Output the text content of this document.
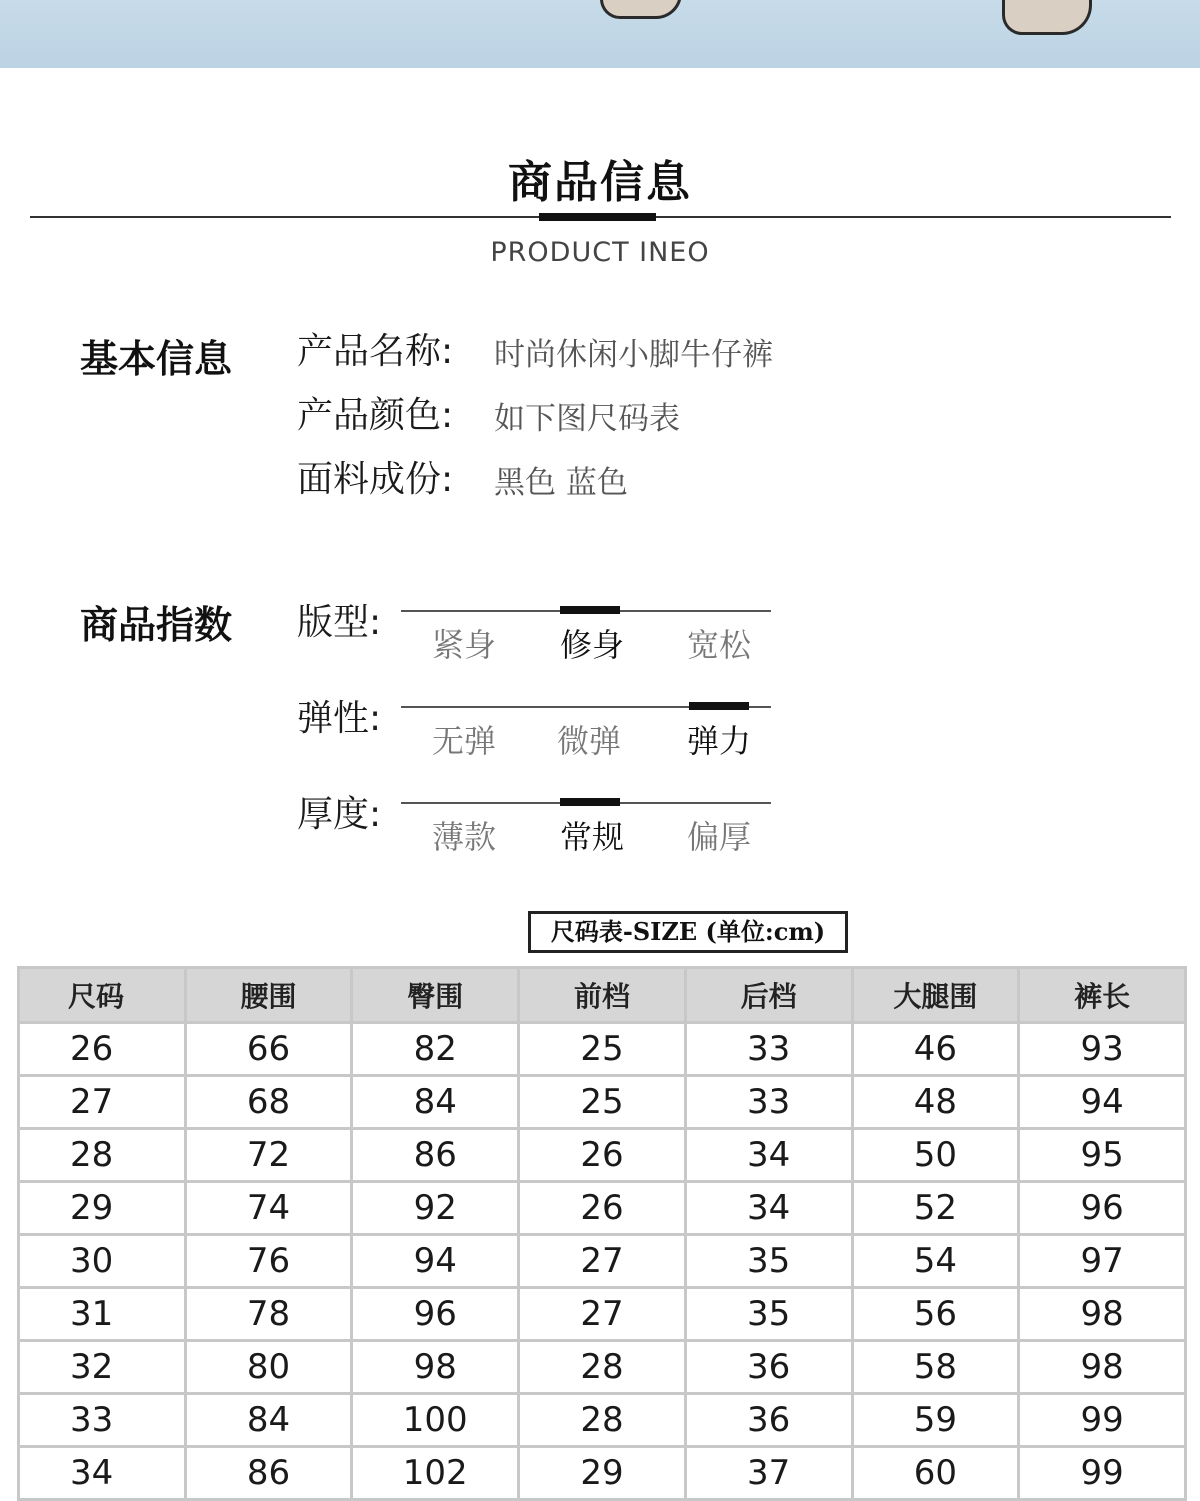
商品信息
PRODUCT INEO
基本信息 产品名称: 时尚休闲小脚牛仔裤
产品颜色: 如下图尺码表
面料成份: 黑色 蓝色
商品指数 版型:
紧身 修身 宽松
弹性:
无弹 微弹 弹力
厚度:
薄款 常规 偏厚
尺码表-SIZE (单位:cm)
尺码	腰围	臀围	前档	后档	大腿围	裤长
26	66	82	25	33	46	93
27	68	84	25	33	48	94
28	72	86	26	34	50	95
29	74	92	26	34	52	96
30	76	94	27	35	54	97
31	78	96	27	35	56	98
32	80	98	28	36	58	98
33	84	100	28	36	59	99
34	86	102	29	37	60	99
